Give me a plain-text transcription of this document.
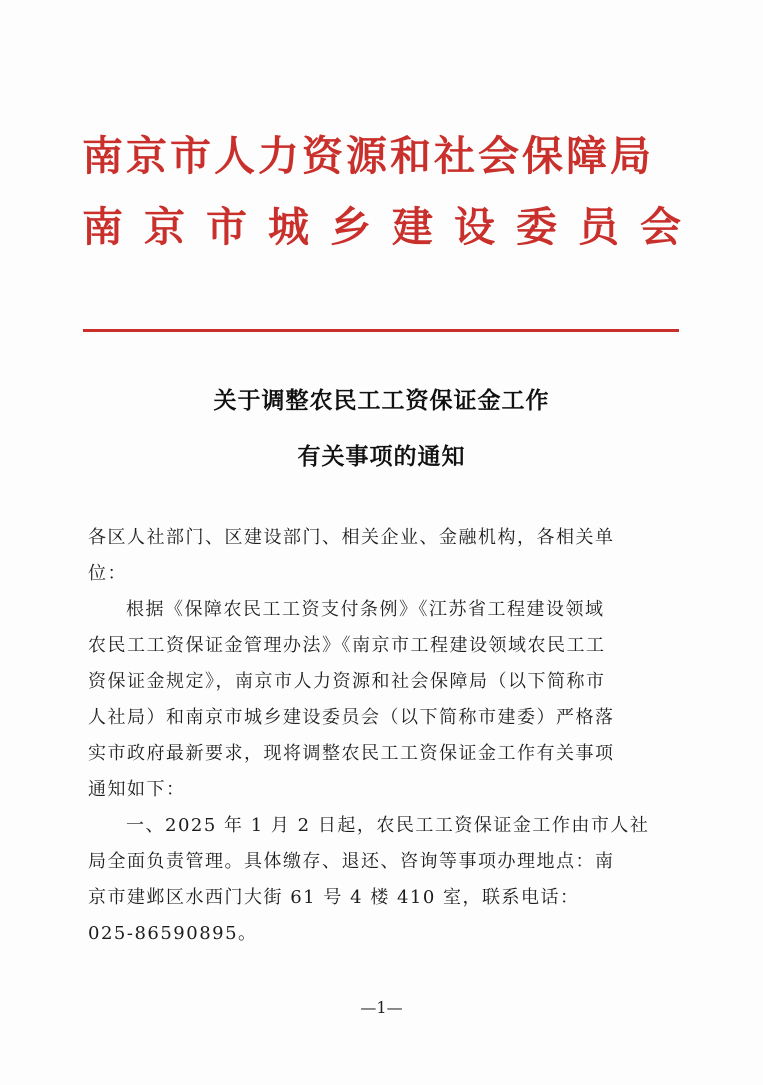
南京市人力资源和社会保障局
南京市城乡建设委员会
关于调整农民工工资保证金工作
有关事项的通知
各区人社部门、区建设部门、相关企业、金融机构，各相关单
位：
根据《保障农民工工资支付条例》《江苏省工程建设领域
农民工工资保证金管理办法》《南京市工程建设领域农民工工
资保证金规定》，南京市人力资源和社会保障局（以下简称市
人社局）和南京市城乡建设委员会（以下简称市建委）严格落
实市政府最新要求，现将调整农民工工资保证金工作有关事项
通知如下：
一、2025 年 1 月 2 日起，农民工工资保证金工作由市人社
局全面负责管理。具体缴存、退还、咨询等事项办理地点：南
京市建邺区水西门大街 61 号 4 楼 410 室，联系电话：
025-86590895。
—1—
